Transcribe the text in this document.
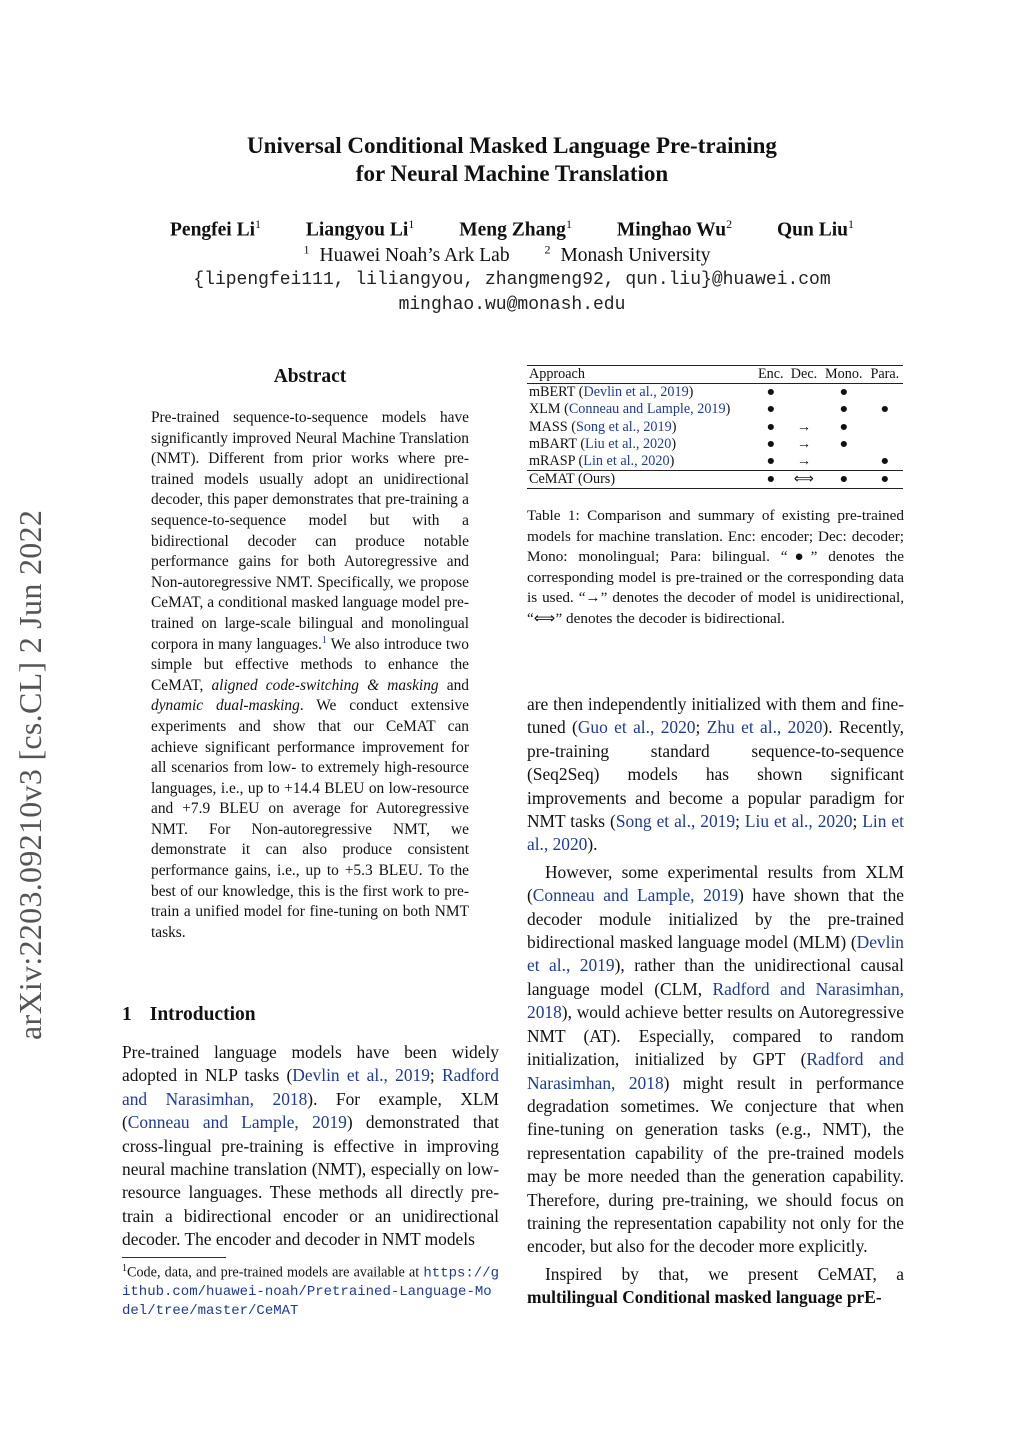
Universal Conditional Masked Language Pre-training
for Neural Machine Translation
Pengfei Li$^1$ Liangyou Li$^1$ Meng Zhang$^1$ Minghao Wu$^2$ Qun Liu$^1$
$^1$ Huawei Noah’s Ark Lab	$^2$ Monash University
{lipengfei111, liliangyou, zhangmeng92, qun.liu}@huawei.com
minghao.wu@monash.edu
arXiv:2203.09210v3 [cs.CL] 2 Jun 2022
Abstract
Pre-trained sequence-to-sequence models have significantly improved Neural Machine Translation (NMT). Different from prior works where pre-trained models usually adopt an unidirectional decoder, this paper demonstrates that pre-training a sequence-to-sequence model but with a bidirectional decoder can produce notable performance gains for both Autoregressive and Non-autoregressive NMT. Specifically, we propose CeMAT, a conditional masked language model pre-trained on large-scale bilingual and monolingual corpora in many languages.$^1$ We also introduce two simple but effective methods to enhance the CeMAT, aligned code-switching & masking and dynamic dual-masking. We conduct extensive experiments and show that our CeMAT can achieve significant performance improvement for all scenarios from low- to extremely high-resource languages, i.e., up to +14.4 BLEU on low-resource and +7.9 BLEU on average for Autoregressive NMT. For Non-autoregressive NMT, we demonstrate it can also produce consistent performance gains, i.e., up to +5.3 BLEU. To the best of our knowledge, this is the first work to pre-train a unified model for fine-tuning on both NMT tasks.
1 Introduction
Pre-trained language models have been widely adopted in NLP tasks (Devlin et al., 2019; Radford and Narasimhan, 2018). For example, XLM (Conneau and Lample, 2019) demonstrated that cross-lingual pre-training is effective in improving neural machine translation (NMT), especially on low-resource languages. These methods all directly pre-train a bidirectional encoder or an unidirectional decoder. The encoder and decoder in NMT models
$^1$Code, data, and pre-trained models are available at https://github.com/huawei-noah/Pretrained-Language-Model/tree/master/CeMAT
Approach	Enc.	Dec.	Mono.	Para.
mBERT (Devlin et al., 2019)	●		●	
XLM (Conneau and Lample, 2019)	●		●	●
MASS (Song et al., 2019)	●	→	●	
mBART (Liu et al., 2020)	●	→	●	
mRASP (Lin et al., 2020)	●	→		●
CeMAT (Ours)	●	⟺	●	●
Table 1: Comparison and summary of existing pre-trained models for machine translation. Enc: encoder; Dec: decoder; Mono: monolingual; Para: bilingual. “●” denotes the corresponding model is pre-trained or the corresponding data is used. “→” denotes the decoder of model is unidirectional, “⟺” denotes the decoder is bidirectional.

are then independently initialized with them and fine-tuned (Guo et al., 2020; Zhu et al., 2020). Recently, pre-training standard sequence-to-sequence (Seq2Seq) models has shown significant improvements and become a popular paradigm for NMT tasks (Song et al., 2019; Liu et al., 2020; Lin et al., 2020).

However, some experimental results from XLM (Conneau and Lample, 2019) have shown that the decoder module initialized by the pre-trained bidirectional masked language model (MLM) (Devlin et al., 2019), rather than the unidirectional causal language model (CLM, Radford and Narasimhan, 2018), would achieve better results on Autoregressive NMT (AT). Especially, compared to random initialization, initialized by GPT (Radford and Narasimhan, 2018) might result in performance degradation sometimes. We conjecture that when fine-tuning on generation tasks (e.g., NMT), the representation capability of the pre-trained models may be more needed than the generation capability. Therefore, during pre-training, we should focus on training the representation capability not only for the encoder, but also for the decoder more explicitly.

Inspired by that, we present CeMAT, a multilingual Conditional masked language prE-
